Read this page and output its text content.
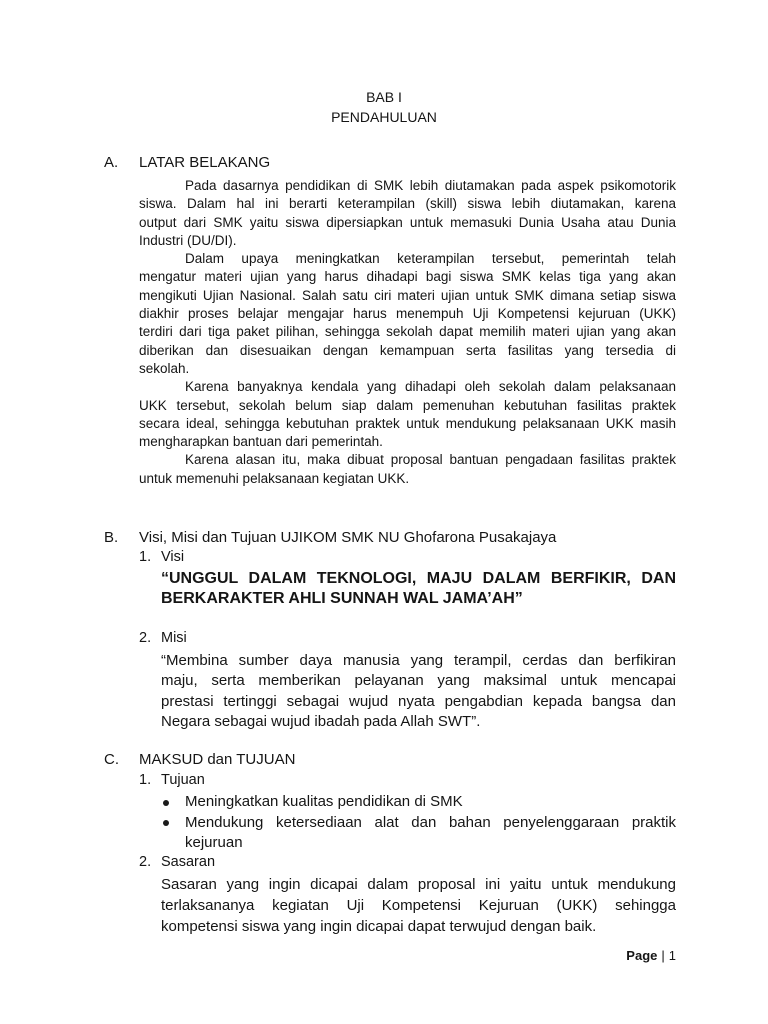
BAB I
PENDAHULUAN
A. LATAR BELAKANG
Pada dasarnya pendidikan di SMK lebih diutamakan pada aspek psikomotorik
siswa. Dalam hal ini berarti keterampilan (skill) siswa lebih diutamakan, karena
output dari SMK yaitu siswa dipersiapkan untuk memasuki Dunia Usaha atau Dunia
Industri (DU/DI).
Dalam upaya meningkatkan keterampilan tersebut, pemerintah telah
mengatur materi ujian yang harus dihadapi bagi siswa SMK kelas tiga yang akan
mengikuti Ujian Nasional. Salah satu ciri materi ujian untuk SMK dimana setiap siswa
diakhir proses belajar mengajar harus menempuh Uji Kompetensi kejuruan (UKK)
terdiri dari tiga paket pilihan, sehingga sekolah dapat memilih materi ujian yang akan
diberikan dan disesuaikan dengan kemampuan serta fasilitas yang tersedia di
sekolah.
Karena banyaknya kendala yang dihadapi oleh sekolah dalam pelaksanaan
UKK tersebut, sekolah belum siap dalam pemenuhan kebutuhan fasilitas praktek
secara ideal, sehingga kebutuhan praktek untuk mendukung pelaksanaan UKK masih
mengharapkan bantuan dari pemerintah.
Karena alasan itu, maka dibuat proposal bantuan pengadaan fasilitas praktek
untuk memenuhi pelaksanaan kegiatan UKK.
B. Visi, Misi dan Tujuan UJIKOM SMK NU Ghofarona Pusakajaya
1. Visi
“UNGGUL DALAM TEKNOLOGI, MAJU DALAM BERFIKIR, DAN
BERKARAKTER AHLI SUNNAH WAL JAMA’AH”
2. Misi
“Membina sumber daya manusia yang terampil, cerdas dan berfikiran
maju, serta memberikan pelayanan yang maksimal untuk mencapai
prestasi tertinggi sebagai wujud nyata pengabdian kepada bangsa dan
Negara sebagai wujud ibadah pada Allah SWT”.
C. MAKSUD dan TUJUAN
1. Tujuan
Meningkatkan kualitas pendidikan di SMK
Mendukung ketersediaan alat dan bahan penyelenggaraan praktik
kejuruan
2. Sasaran
Sasaran yang ingin dicapai dalam proposal ini yaitu untuk mendukung
terlaksananya kegiatan Uji Kompetensi Kejuruan (UKK) sehingga
kompetensi siswa yang ingin dicapai dapat terwujud dengan baik.
Page | 1
